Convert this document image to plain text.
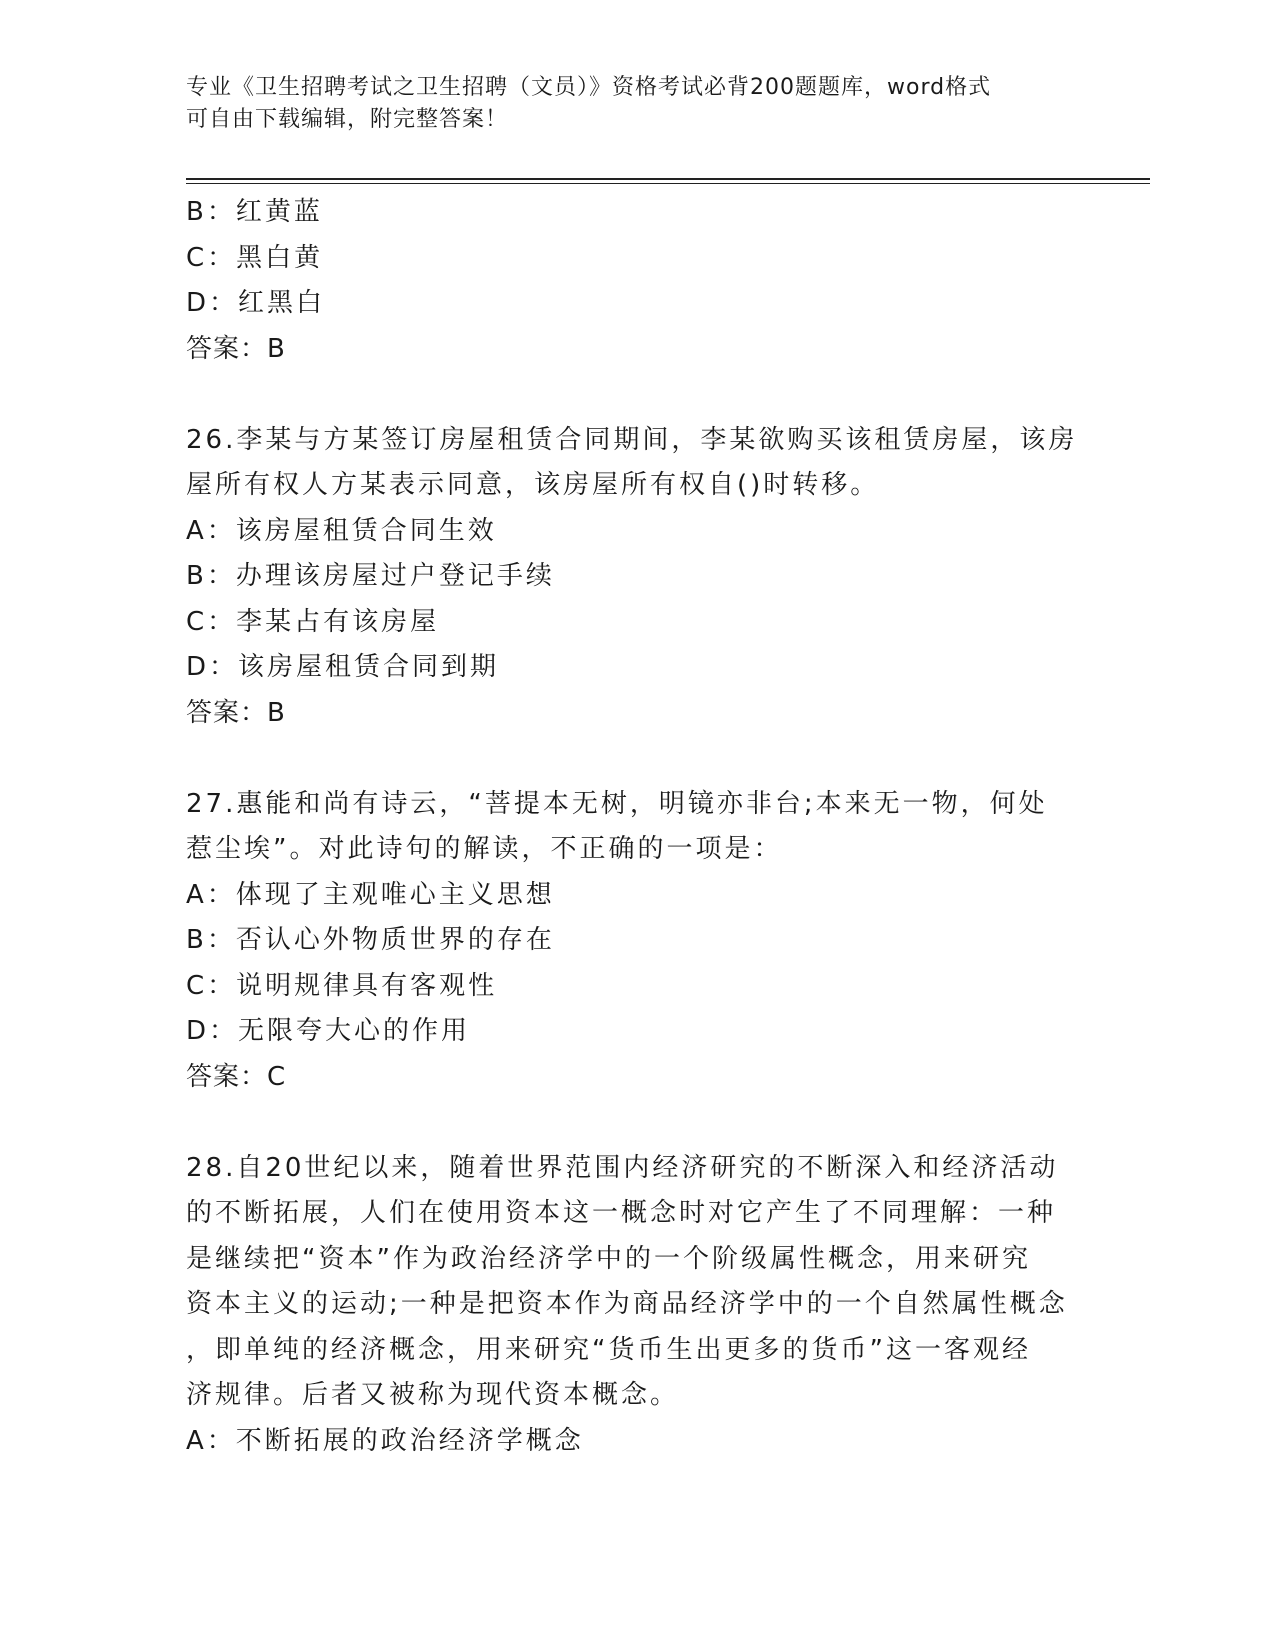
专业《卫生招聘考试之卫生招聘（文员）》资格考试必背200题题库，word格式
可自由下载编辑，附完整答案！
B：红黄蓝
C：黑白黄
D：红黑白
答案：B
26.李某与方某签订房屋租赁合同期间，李某欲购买该租赁房屋，该房
屋所有权人方某表示同意，该房屋所有权自()时转移。
A：该房屋租赁合同生效
B：办理该房屋过户登记手续
C：李某占有该房屋
D：该房屋租赁合同到期
答案：B
27.惠能和尚有诗云，“菩提本无树，明镜亦非台;本来无一物，何处
惹尘埃”。对此诗句的解读，不正确的一项是：
A：体现了主观唯心主义思想
B：否认心外物质世界的存在
C：说明规律具有客观性
D：无限夸大心的作用
答案：C
28.自20世纪以来，随着世界范围内经济研究的不断深入和经济活动
的不断拓展，人们在使用资本这一概念时对它产生了不同理解：一种
是继续把“资本”作为政治经济学中的一个阶级属性概念，用来研究
资本主义的运动;一种是把资本作为商品经济学中的一个自然属性概念
，即单纯的经济概念，用来研究“货币生出更多的货币”这一客观经
济规律。后者又被称为现代资本概念。
A：不断拓展的政治经济学概念
